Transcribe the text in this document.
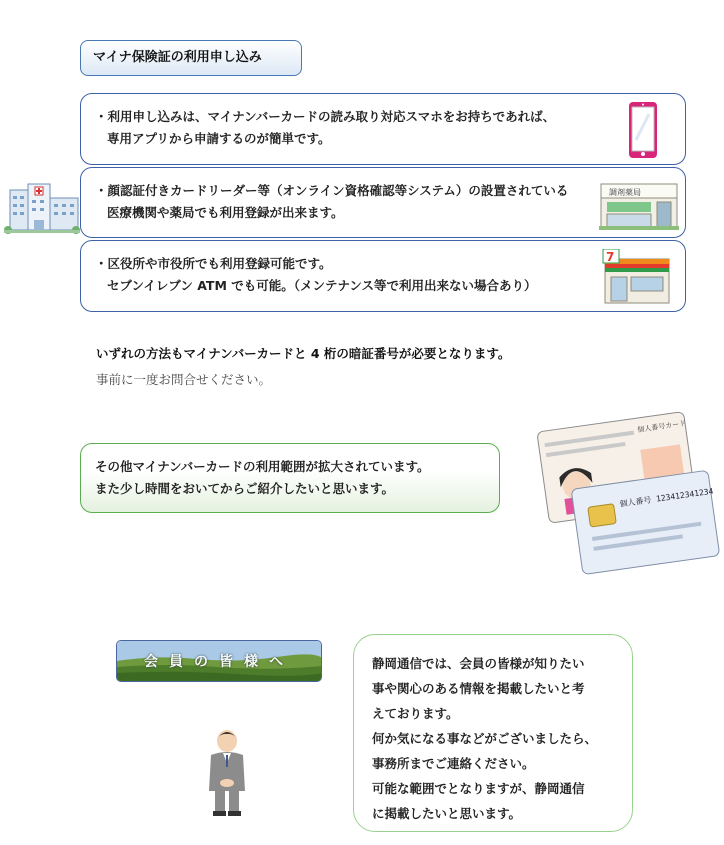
マイナ保険証の利用申し込み
・利用申し込みは、マイナンバーカードの読み取り対応スマホをお持ちであれば、
専用アプリから申請するのが簡単です。
・顔認証付きカードリーダー等（オンライン資格確認等システム）の設置されている
医療機関や薬局でも利用登録が出来ます。
調剤薬局
・区役所や市役所でも利用登録可能です。
セブンイレブン ATM でも可能。（メンテナンス等で利用出来ない場合あり）
7
いずれの方法もマイナンバーカードと 4 桁の暗証番号が必要となります。
事前に一度お問合せください。
その他マイナンバーカードの利用範囲が拡大されています。
また少し時間をおいてからご紹介したいと思います。
個人番号カード
個人番号 123412341234
会員の皆様へ	静岡通信では、会員の皆様が知りたい
事や関心のある情報を掲載したいと考
えております。
何か気になる事などがございましたら、
事務所までご連絡ください。
可能な範囲でとなりますが、静岡通信
に掲載したいと思います。
